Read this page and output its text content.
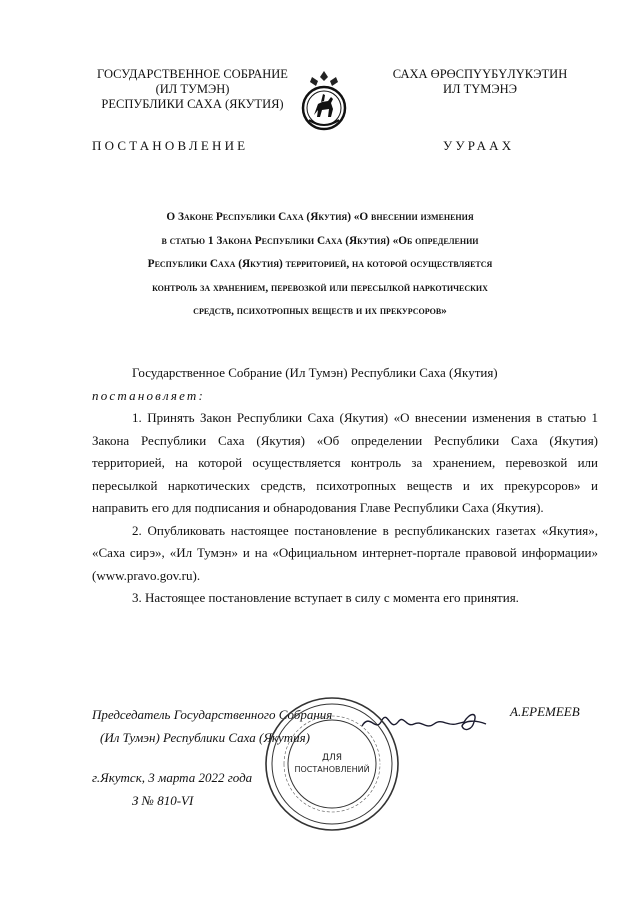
ГОСУДАРСТВЕННОЕ СОБРАНИЕ
(ИЛ ТУМЭН)
РЕСПУБЛИКИ САХА (ЯКУТИЯ)
САХА ӨРӨСПҮҮБҮЛҮКЭТИН
ИЛ ТҮМЭНЭ
ПОСТАНОВЛЕНИЕ	УУРААХ
О Законе Республики Саха (Якутия) «О внесении изменения
в статью 1 Закона Республики Саха (Якутия) «Об определении
Республики Саха (Якутия) территорией, на которой осуществляется
контроль за хранением, перевозкой или пересылкой наркотических
средств, психотропных веществ и их прекурсоров»

Государственное Собрание (Ил Тумэн) Республики Саха (Якутия)

постановляет:

1. Принять Закон Республики Саха (Якутия) «О внесении изменения в статью 1 Закона Республики Саха (Якутия) «Об определении Республики Саха (Якутия) территорией, на которой осуществляется контроль за хранением, перевозкой или пересылкой наркотических средств, психотропных веществ и их прекурсоров» и направить его для подписания и обнародования Главе Республики Саха (Якутия).

2. Опубликовать настоящее постановление в республиканских газетах «Якутия», «Саха сирэ», «Ил Тумэн» и на «Официальном интернет-портале правовой информации» (www.pravo.gov.ru).

3. Настоящее постановление вступает в силу с момента его принятия.

Председатель Государственного Собрания
(Ил Тумэн) Республики Саха (Якутия)
А.ЕРЕМЕЕВ
г.Якутск, 3 марта 2022 года
З № 810-VI
ДЛЯ
ПОСТАНОВЛЕНИЙ
